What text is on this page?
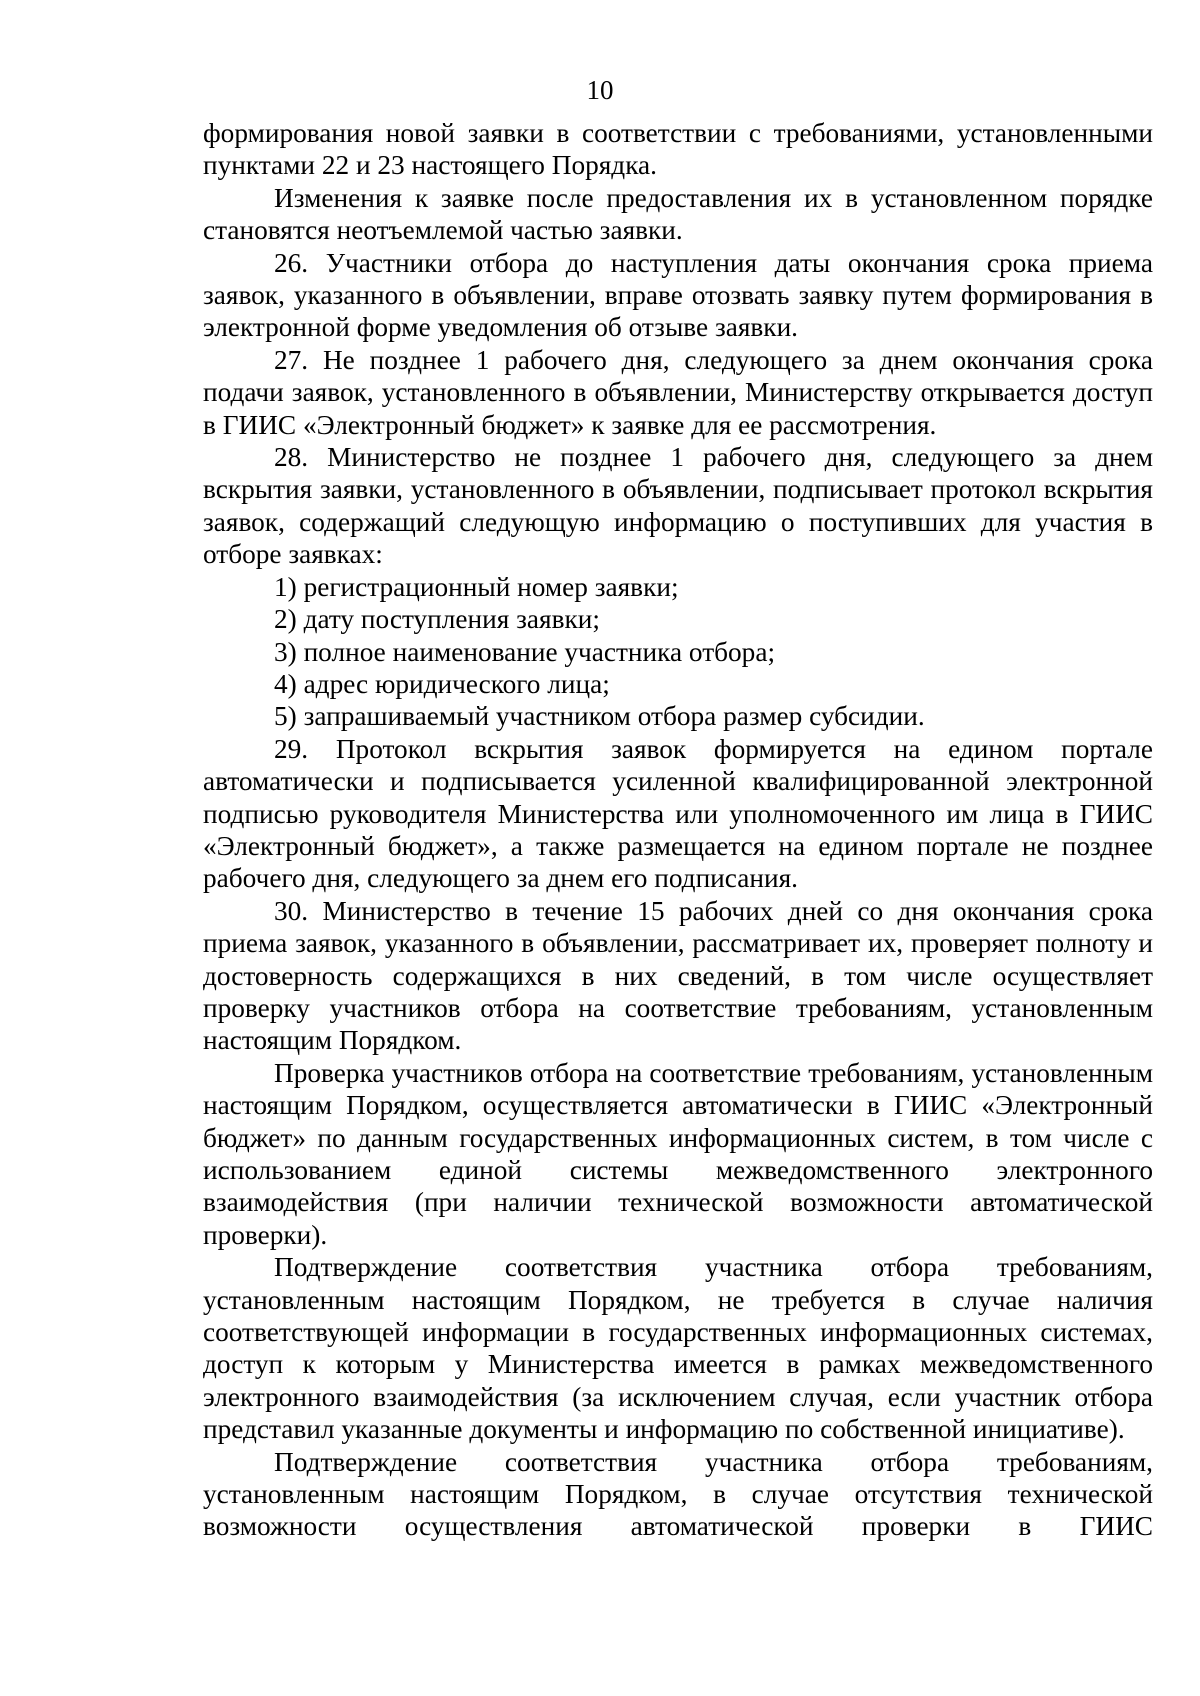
10

формирования новой заявки в соответствии с требованиями, установленными пунктами 22 и 23 настоящего Порядка.

Изменения к заявке после предоставления их в установленном порядке становятся неотъемлемой частью заявки.

26. Участники отбора до наступления даты окончания срока приема заявок, указанного в объявлении, вправе отозвать заявку путем формирования в электронной форме уведомления об отзыве заявки.

27. Не позднее 1 рабочего дня, следующего за днем окончания срока подачи заявок, установленного в объявлении, Министерству открывается доступ в ГИИС «Электронный бюджет» к заявке для ее рассмотрения.

28. Министерство не позднее 1 рабочего дня, следующего за днем вскрытия заявки, установленного в объявлении, подписывает протокол вскрытия заявок, содержащий следующую информацию о поступивших для участия в отборе заявках:

1) регистрационный номер заявки;

2) дату поступления заявки;

3) полное наименование участника отбора;

4) адрес юридического лица;

5) запрашиваемый участником отбора размер субсидии.

29. Протокол вскрытия заявок формируется на едином портале автоматически и подписывается усиленной квалифицированной электронной подписью руководителя Министерства или уполномоченного им лица в ГИИС «Электронный бюджет», а также размещается на едином портале не позднее рабочего дня, следующего за днем его подписания.

30. Министерство в течение 15 рабочих дней со дня окончания срока приема заявок, указанного в объявлении, рассматривает их, проверяет полноту и достоверность содержащихся в них сведений, в том числе осуществляет проверку участников отбора на соответствие требованиям, установленным настоящим Порядком.

Проверка участников отбора на соответствие требованиям, установленным настоящим Порядком, осуществляется автоматически в ГИИС «Электронный бюджет» по данным государственных информационных систем, в том числе с использованием единой системы межведомственного электронного взаимодействия (при наличии технической возможности автоматической проверки).

Подтверждение соответствия участника отбора требованиям, установленным настоящим Порядком, не требуется в случае наличия соответствующей информации в государственных информационных системах, доступ к которым у Министерства имеется в рамках межведомственного электронного взаимодействия (за исключением случая, если участник отбора представил указанные документы и информацию по собственной инициативе).

Подтверждение соответствия участника отбора требованиям, установленным настоящим Порядком, в случае отсутствия технической возможности осуществления автоматической проверки в ГИИС
